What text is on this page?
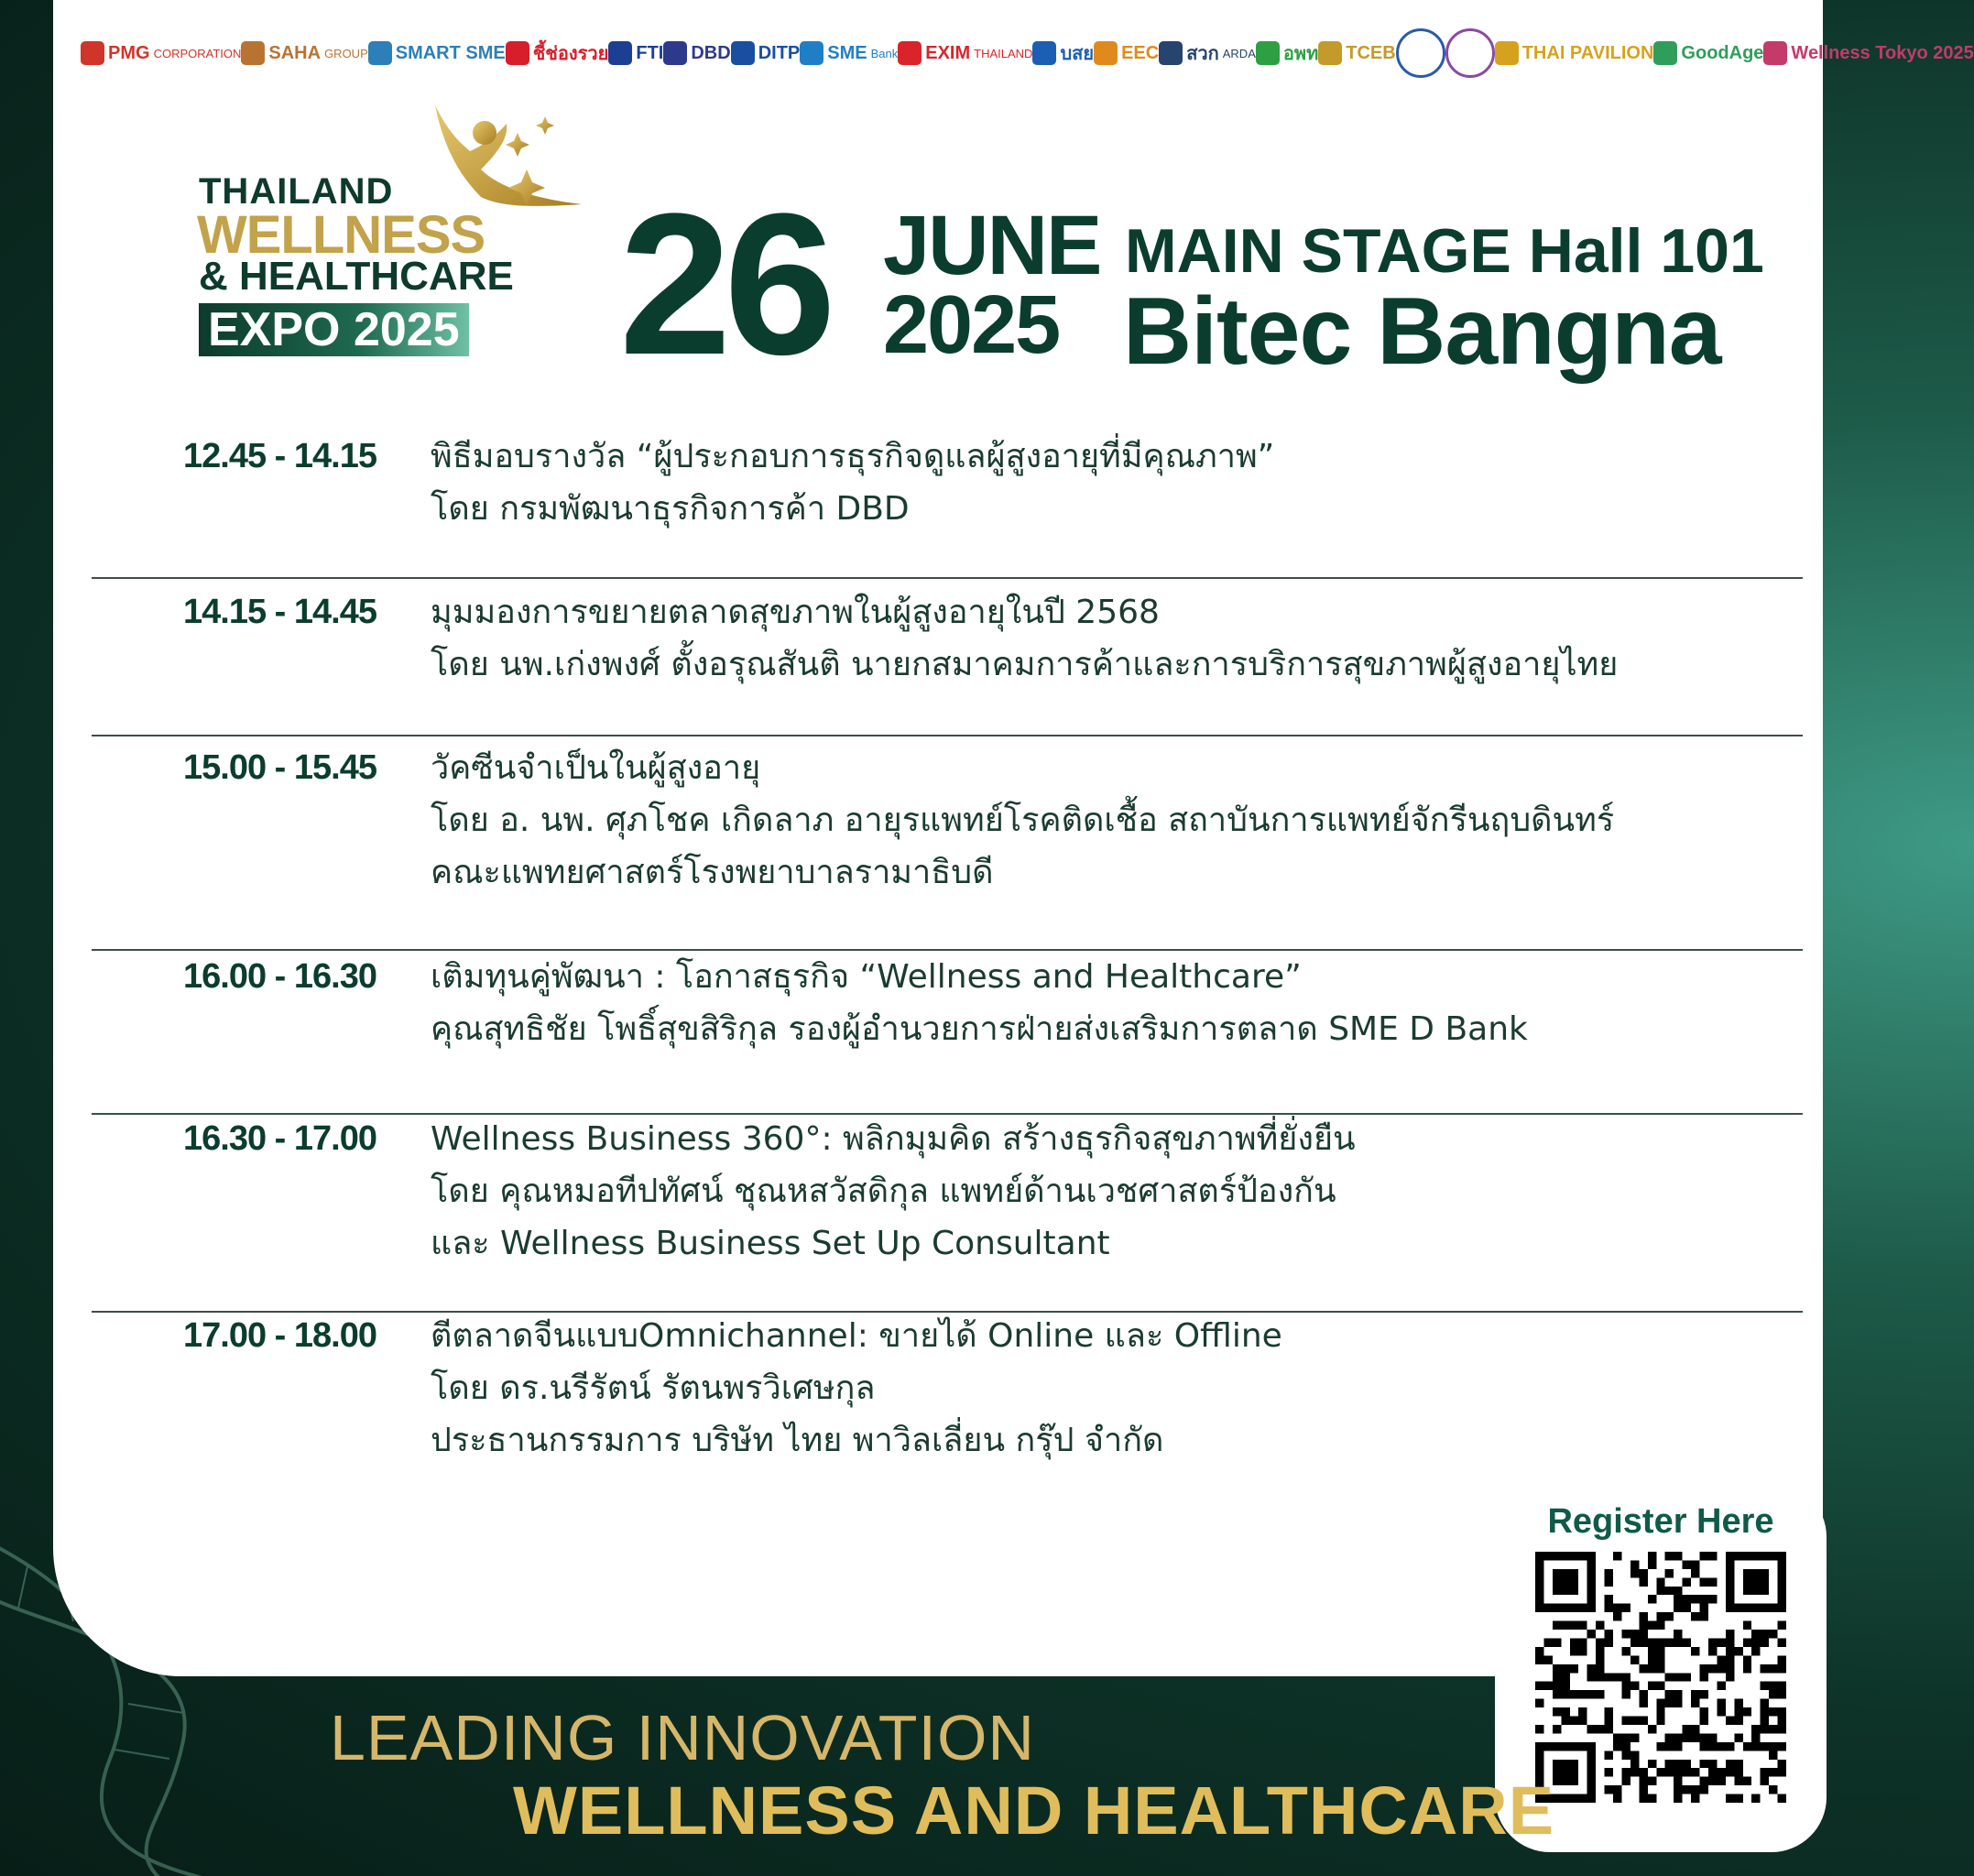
PMG CORPORATION SAHA GROUP SMART SME ชี้ช่องรวย FTI DBD DITP SME Bank EXIM THAILAND บสย EEC สวก ARDA อพท TCEB	THAI PAVILION GoodAge Wellness Tokyo 2025
THAILAND
WELLNESS
& HEALTHCARE
EXPO 2025 26 JUNE
2025
MAIN STAGE Hall 101
Bitec Bangna
12.45 - 14.15 พิธีมอบรางวัล “ผู้ประกอบการธุรกิจดูแลผู้สูงอายุที่มีคุณภาพ”
โดย กรมพัฒนาธุรกิจการค้า DBD
14.15 - 14.45 มุมมองการขยายตลาดสุขภาพในผู้สูงอายุในปี 2568
โดย นพ.เก่งพงศ์ ตั้งอรุณสันติ นายกสมาคมการค้าและการบริการสุขภาพผู้สูงอายุไทย
15.00 - 15.45 วัคซีนจำเป็นในผู้สูงอายุ
โดย อ. นพ. ศุภโชค เกิดลาภ อายุรแพทย์โรคติดเชื้อ สถาบันการแพทย์จักรีนฤบดินทร์
คณะแพทยศาสตร์โรงพยาบาลรามาธิบดี
16.00 - 16.30 เติมทุนคู่พัฒนา : โอกาสธุรกิจ “Wellness and Healthcare”
คุณสุทธิชัย โพธิ์สุขสิริกุล รองผู้อำนวยการฝ่ายส่งเสริมการตลาด SME D Bank
16.30 - 17.00 Wellness Business 360°: พลิกมุมคิด สร้างธุรกิจสุขภาพที่ยั่งยืน
โดย คุณหมอทีปทัศน์ ชุณหสวัสดิกุล แพทย์ด้านเวชศาสตร์ป้องกัน
และ Wellness Business Set Up Consultant
17.00 - 18.00 ตีตลาดจีนแบบOmnichannel: ขายได้ Online และ Offline
โดย ดร.นรีรัตน์ รัตนพรวิเศษกุล
ประธานกรรมการ บริษัท ไทย พาวิลเลี่ยน กรุ๊ป จำกัด
Register Here
LEADING INNOVATION
WELLNESS AND HEALTHCARE
